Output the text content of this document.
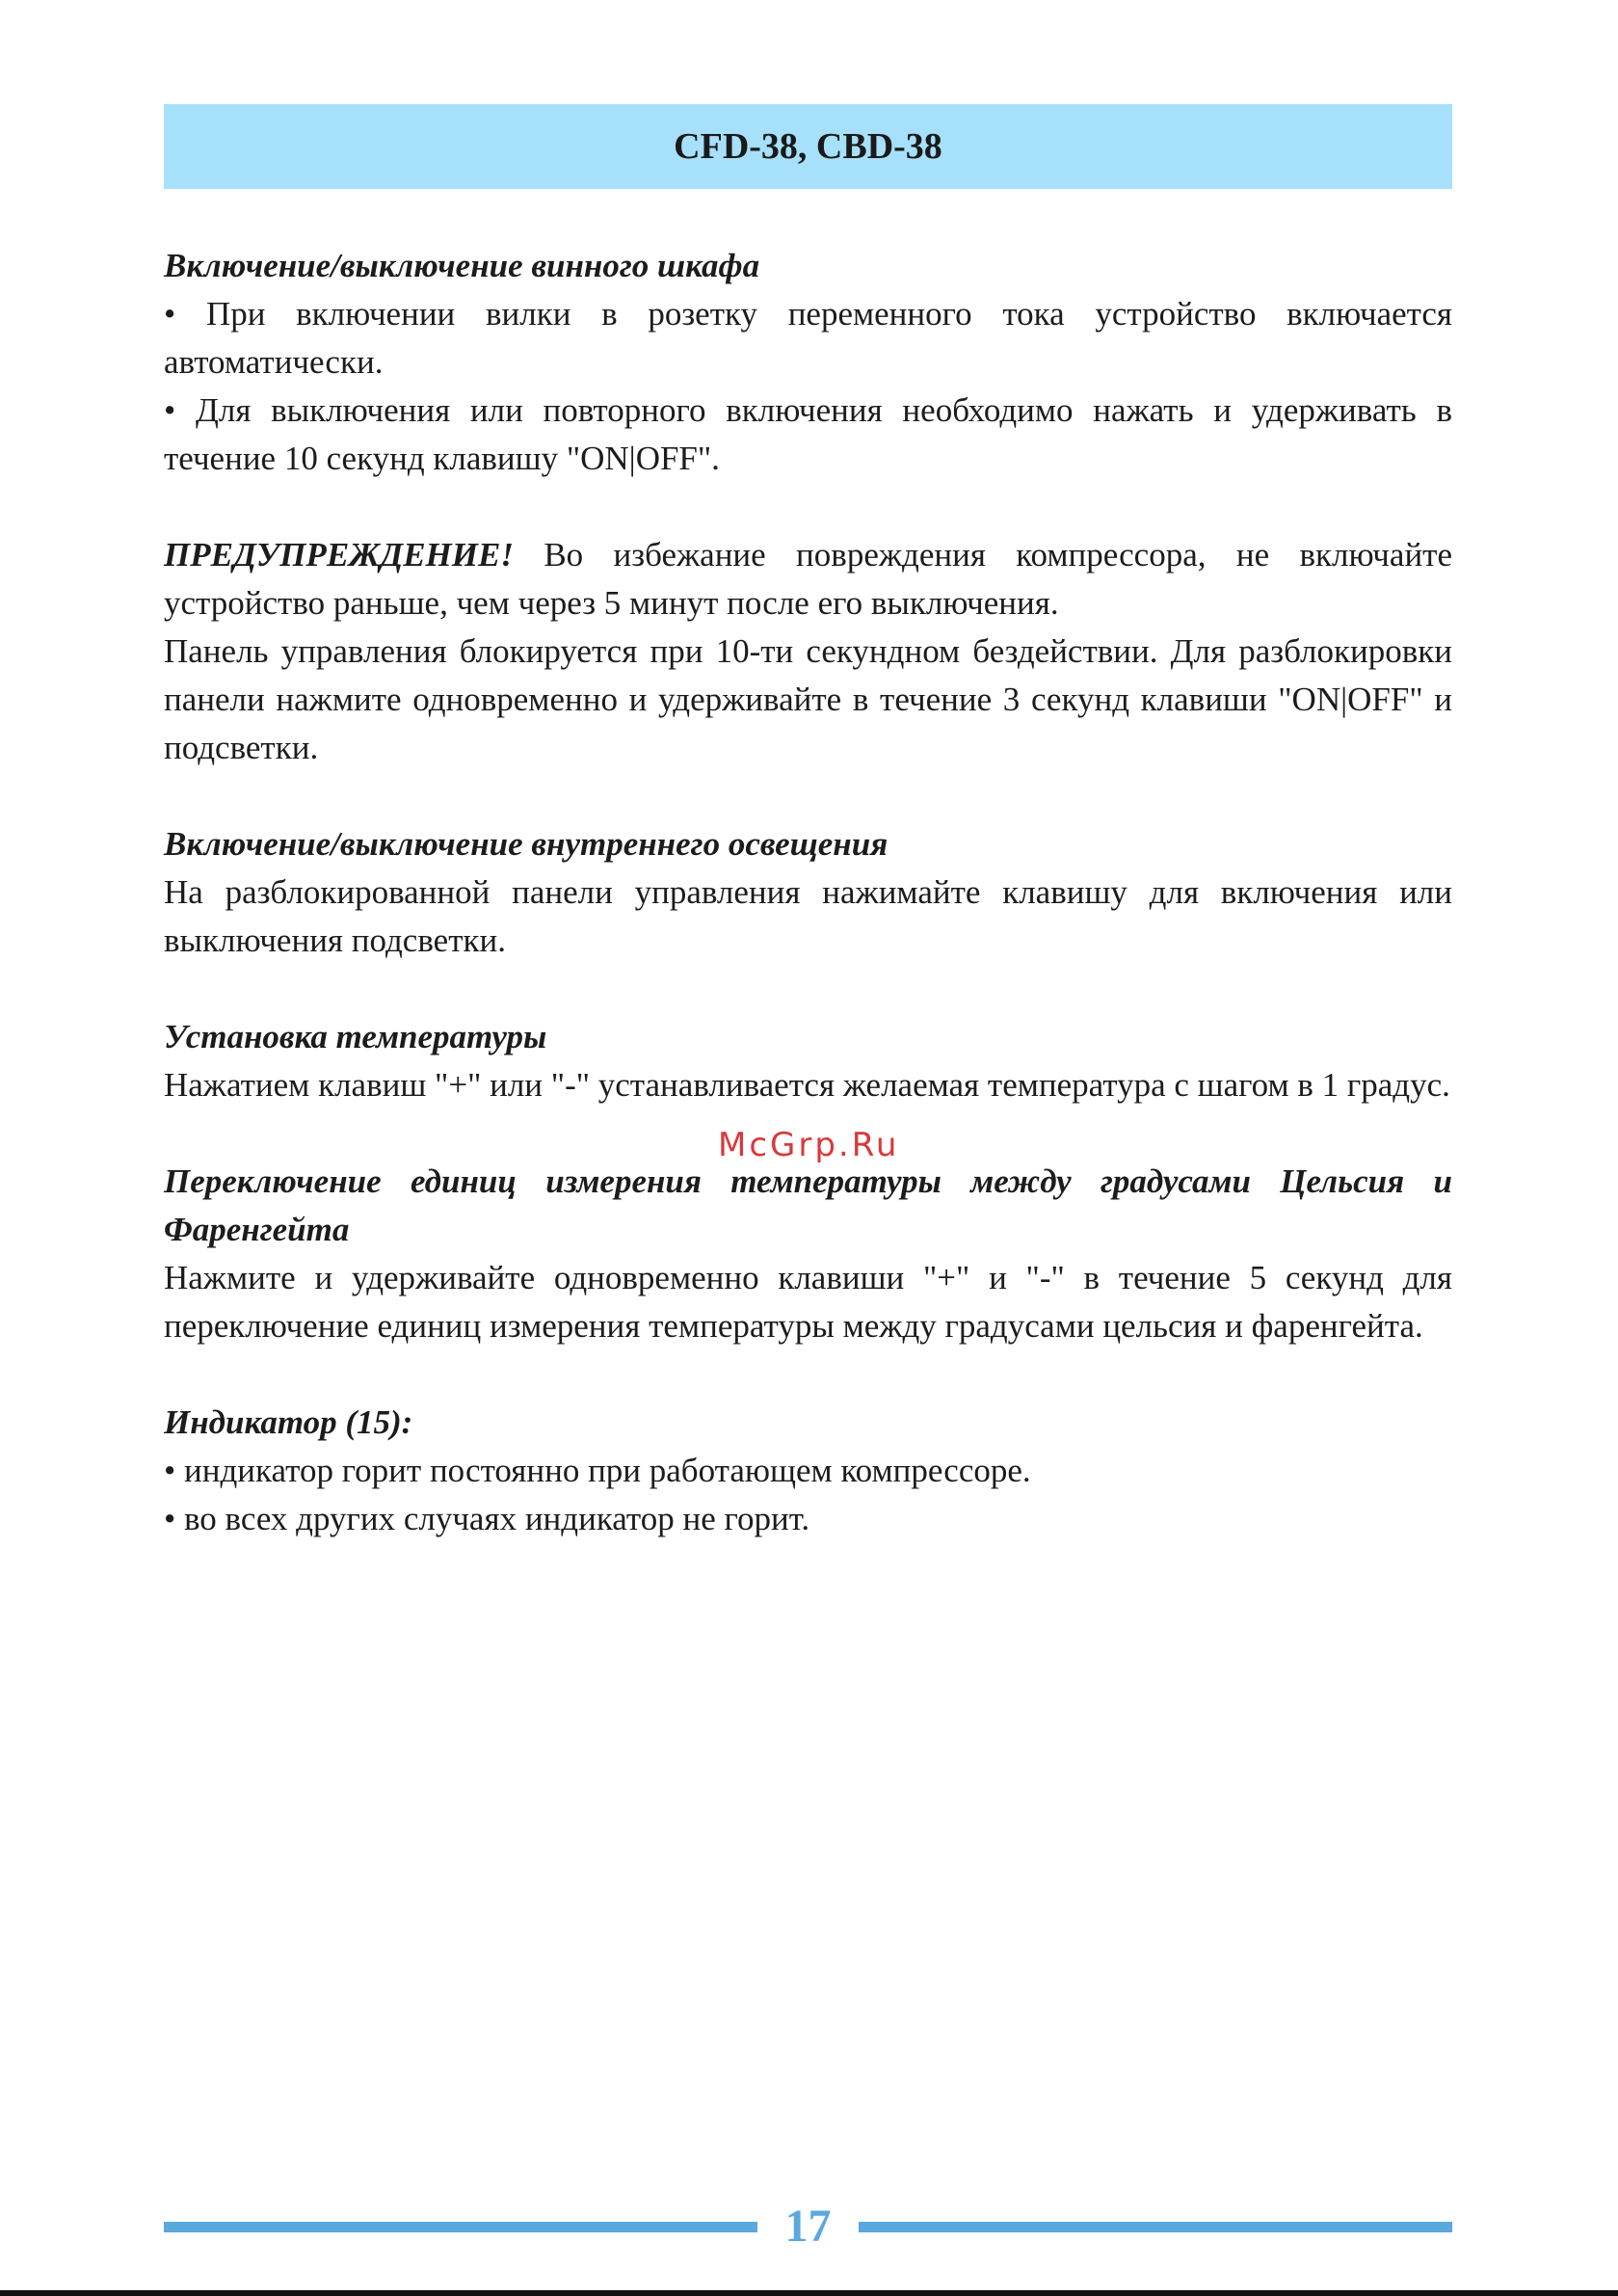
CFD-38, CBD-38

Включение/выключение винного шкафа

• При включении вилки в розетку переменного тока устройство включается автоматически.

• Для выключения или повторного включения необходимо нажать и удерживать в течение 10 секунд клавишу "ON|OFF".

ПРЕДУПРЕЖДЕНИЕ! Во избежание повреждения компрессора, не включайте устройство раньше, чем через 5 минут после его выключения.

Панель управления блокируется при 10-ти секундном бездействии. Для разблокировки панели нажмите одновременно и удерживайте в течение 3 секунд клавиши "ON|OFF" и подсветки.

Включение/выключение внутреннего освещения

На разблокированной панели управления нажимайте клавишу для включения или выключения подсветки.

Установка температуры

Нажатием клавиш "+" или "-" устанавливается желаемая температура с шагом в 1 градус.

Переключение единиц измерения температуры между градусами Цельсия и Фаренгейта

Нажмите и удерживайте одновременно клавиши "+" и "-" в течение 5 секунд для переключение единиц измерения температуры между градусами цельсия и фаренгейта.

Индикатор (15):

• индикатор горит постоянно при работающем компрессоре.

• во всех других случаях индикатор не горит.

McGrp.Ru
17
